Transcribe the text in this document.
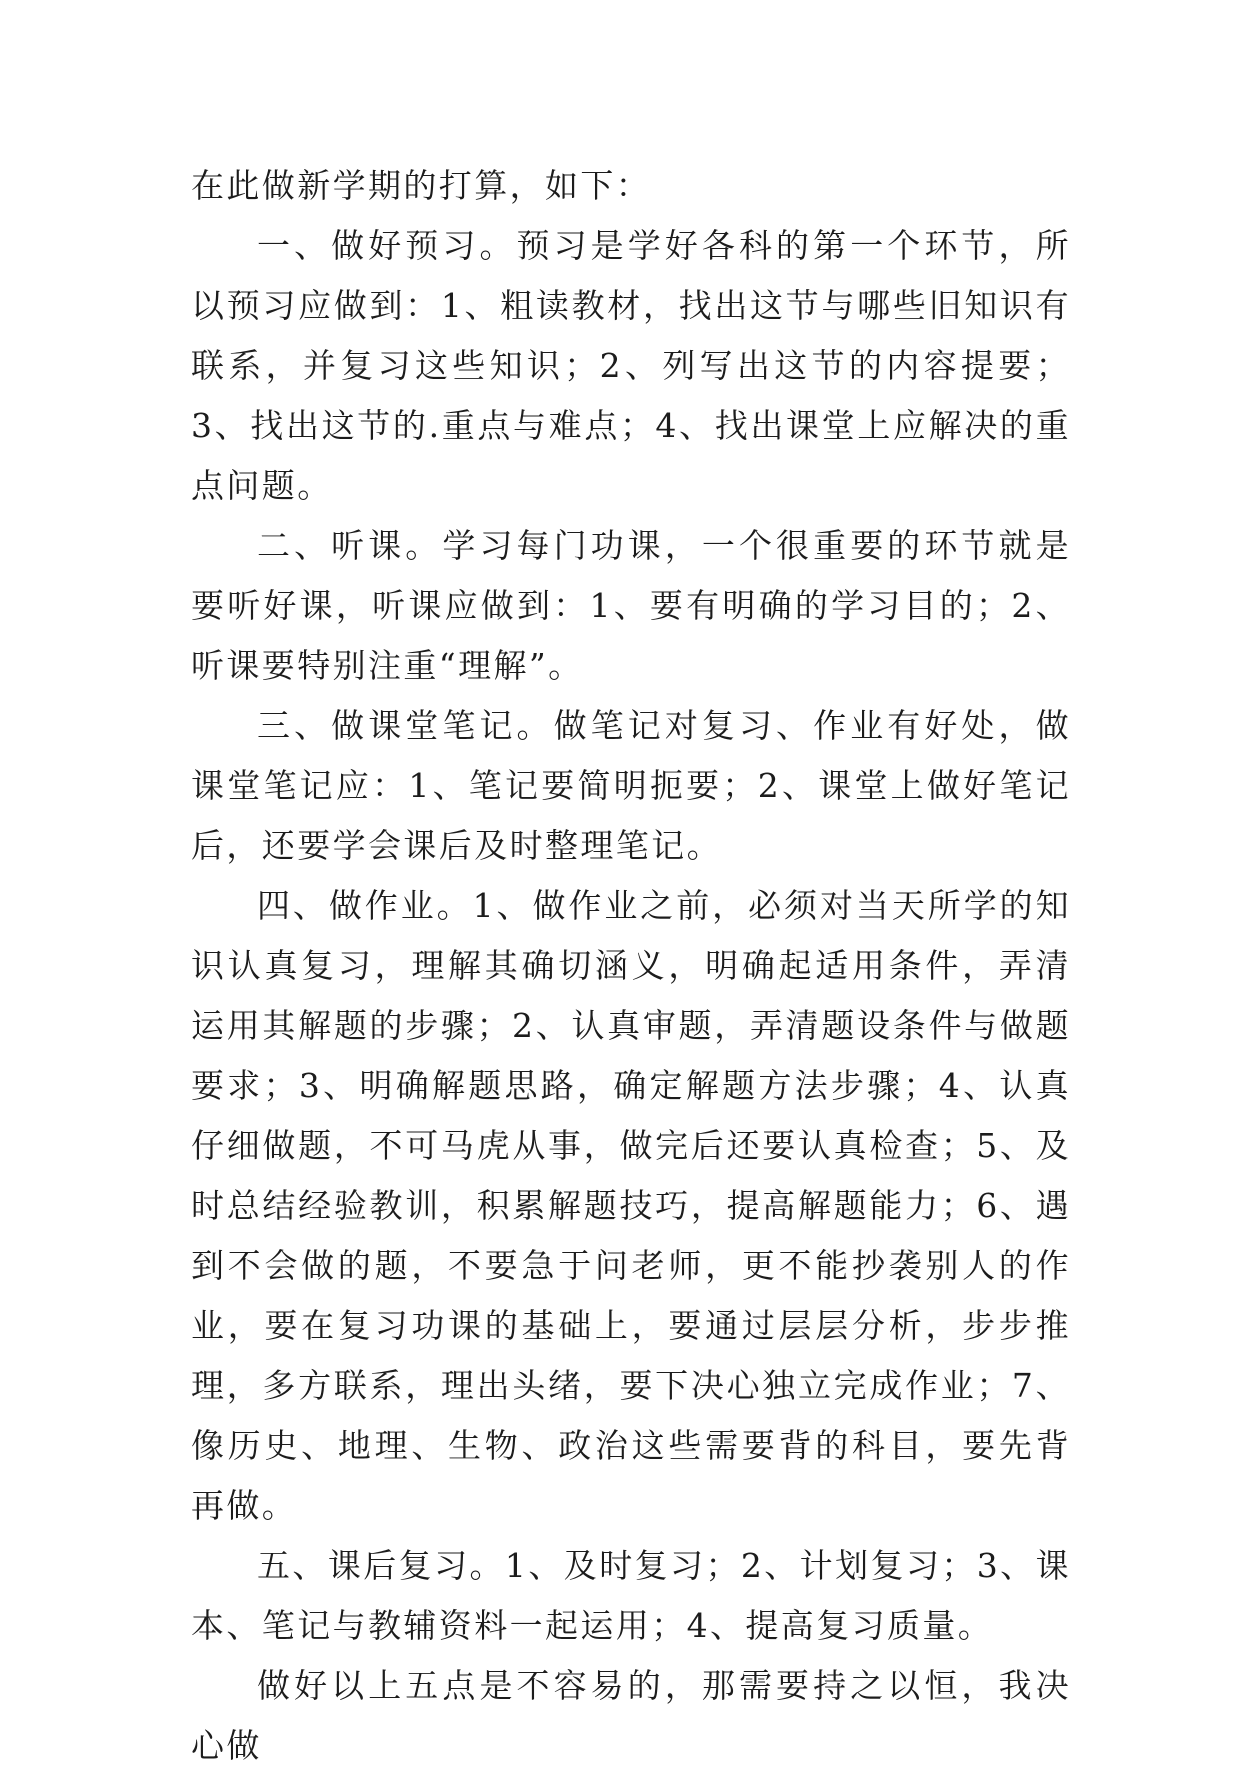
在此做新学期的打算，如下：

一、做好预习。预习是学好各科的第一个环节，所以预习应做到：1、粗读教材，找出这节与哪些旧知识有联系，并复习这些知识；2、列写出这节的内容提要；3、找出这节的.重点与难点；4、找出课堂上应解决的重点问题。

二、听课。学习每门功课，一个很重要的环节就是要听好课，听课应做到：1、要有明确的学习目的；2、听课要特别注重“理解”。

三、做课堂笔记。做笔记对复习、作业有好处，做课堂笔记应：1、笔记要简明扼要；2、课堂上做好笔记后，还要学会课后及时整理笔记。

四、做作业。1、做作业之前，必须对当天所学的知识认真复习，理解其确切涵义，明确起适用条件，弄清运用其解题的步骤；2、认真审题，弄清题设条件与做题要求；3、明确解题思路，确定解题方法步骤；4、认真仔细做题，不可马虎从事，做完后还要认真检查；5、及时总结经验教训，积累解题技巧，提高解题能力；6、遇到不会做的题，不要急于问老师，更不能抄袭别人的作业，要在复习功课的基础上，要通过层层分析，步步推理，多方联系，理出头绪，要下决心独立完成作业；7、像历史、地理、生物、政治这些需要背的科目，要先背再做。

五、课后复习。1、及时复习；2、计划复习；3、课本、笔记与教辅资料一起运用；4、提高复习质量。

做好以上五点是不容易的，那需要持之以恒，我决心做
